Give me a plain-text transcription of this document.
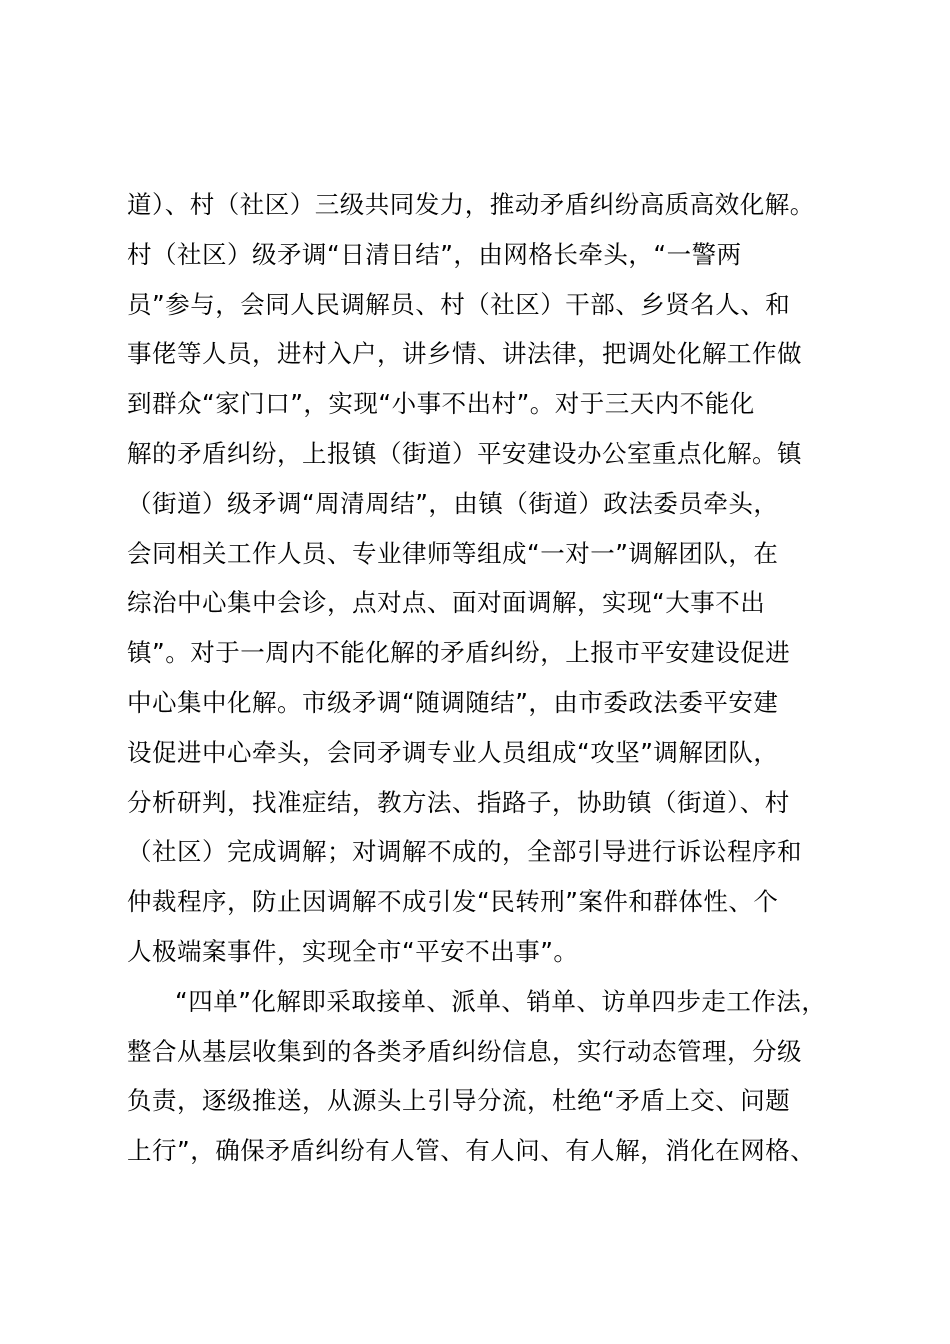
道）、村（社区）三级共同发力，推动矛盾纠纷高质高效化解。
村（社区）级矛调“日清日结”，由网格长牵头，“一警两
员”参与，会同人民调解员、村（社区）干部、乡贤名人、和
事佬等人员，进村入户，讲乡情、讲法律，把调处化解工作做
到群众“家门口”，实现“小事不出村”。对于三天内不能化
解的矛盾纠纷，上报镇（街道）平安建设办公室重点化解。镇
（街道）级矛调“周清周结”，由镇（街道）政法委员牵头，
会同相关工作人员、专业律师等组成“一对一”调解团队，在
综治中心集中会诊，点对点、面对面调解，实现“大事不出
镇”。对于一周内不能化解的矛盾纠纷，上报市平安建设促进
中心集中化解。市级矛调“随调随结”，由市委政法委平安建
设促进中心牵头，会同矛调专业人员组成“攻坚”调解团队，
分析研判，找准症结，教方法、指路子，协助镇（街道）、村
（社区）完成调解；对调解不成的，全部引导进行诉讼程序和
仲裁程序，防止因调解不成引发“民转刑”案件和群体性、个
人极端案事件，实现全市“平安不出事”。
“四单”化解即采取接单、派单、销单、访单四步走工作法，
整合从基层收集到的各类矛盾纠纷信息，实行动态管理，分级
负责，逐级推送，从源头上引导分流，杜绝“矛盾上交、问题
上行”，确保矛盾纠纷有人管、有人问、有人解，消化在网格、
